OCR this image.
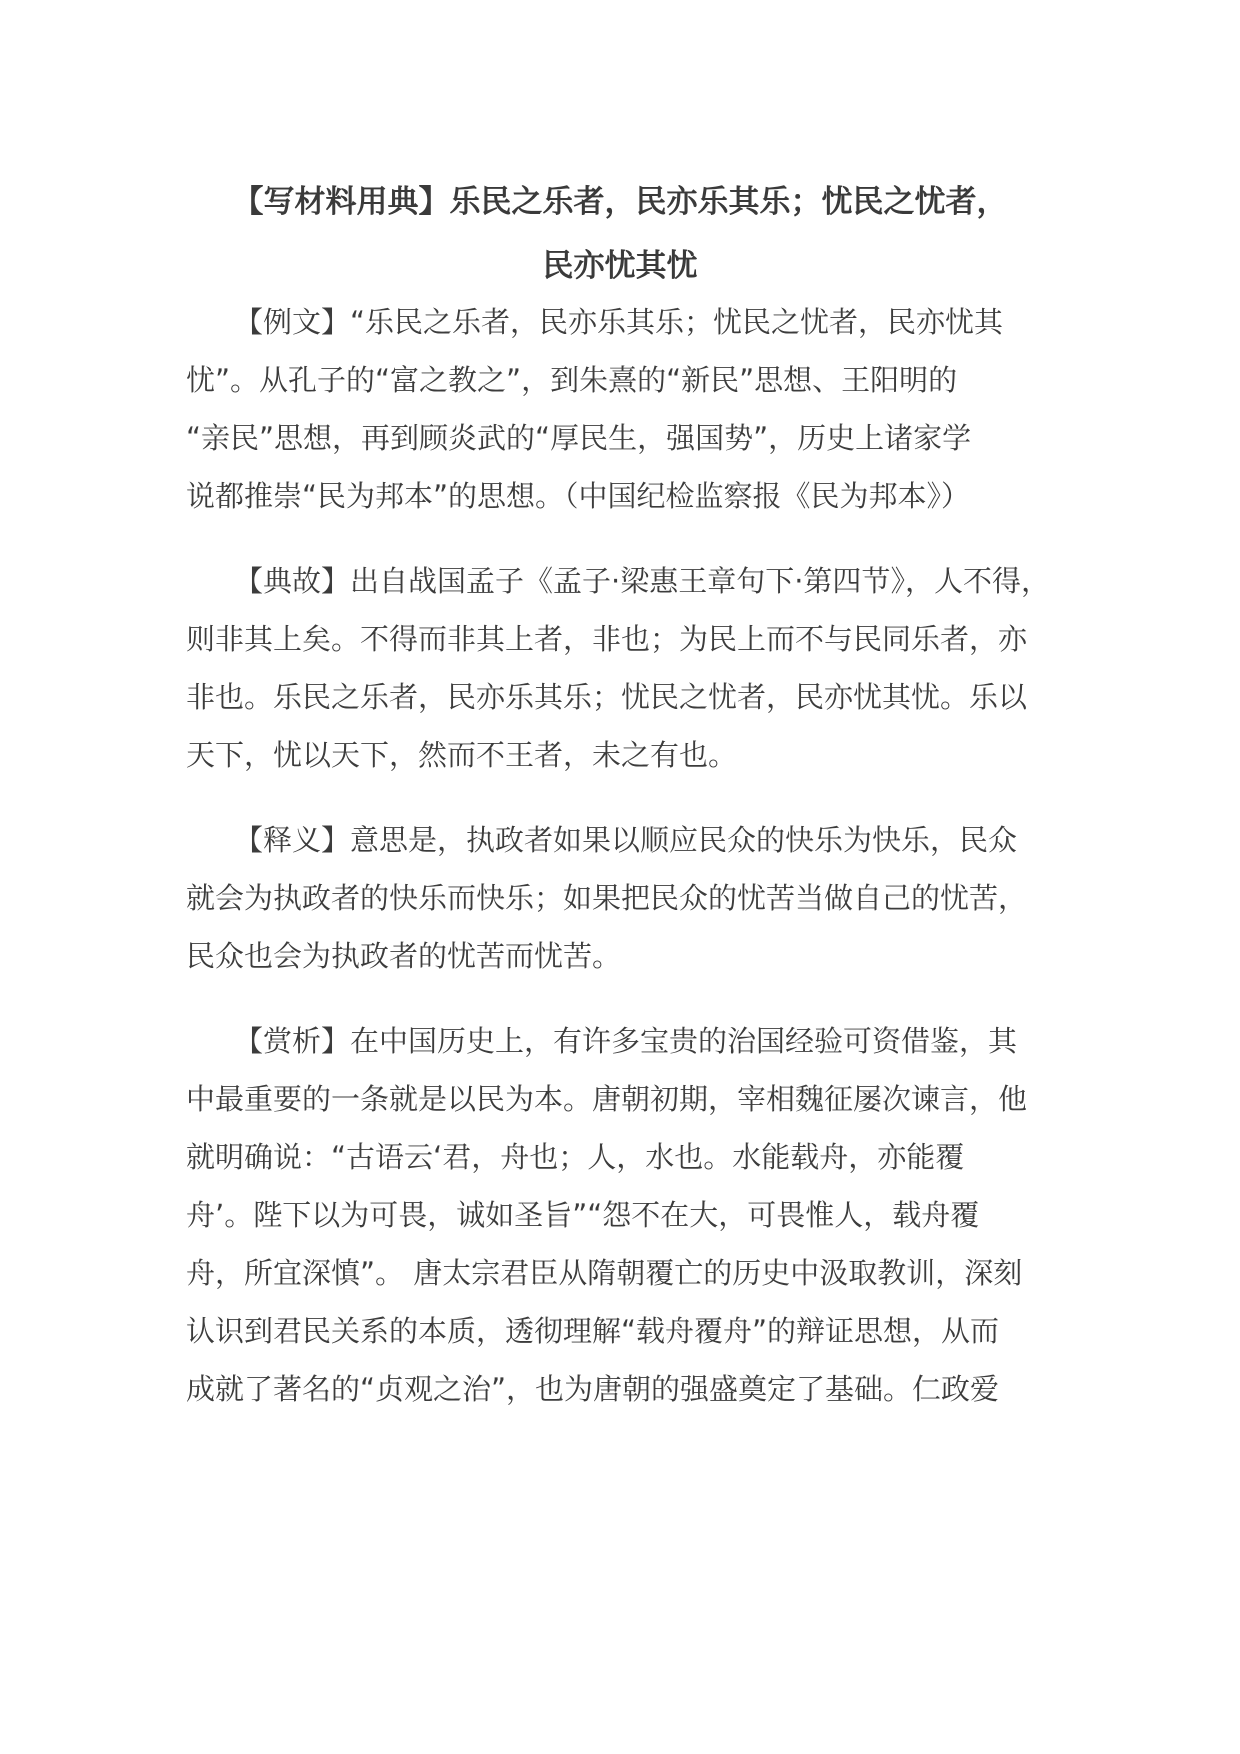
【写材料用典】乐民之乐者，民亦乐其乐；忧民之忧者，
民亦忧其忧

【例文】“乐民之乐者，民亦乐其乐；忧民之忧者，民亦忧其

忧”。从孔子的“富之教之”，到朱熹的“新民”思想、王阳明的

“亲民”思想，再到顾炎武的“厚民生，强国势”，历史上诸家学

说都推崇“民为邦本”的思想。（中国纪检监察报《民为邦本》）

【典故】出自战国孟子《孟子·梁惠王章句下·第四节》，人不得，

则非其上矣。不得而非其上者，非也；为民上而不与民同乐者，亦

非也。乐民之乐者，民亦乐其乐；忧民之忧者，民亦忧其忧。乐以

天下，忧以天下，然而不王者，未之有也。

【释义】意思是，执政者如果以顺应民众的快乐为快乐，民众

就会为执政者的快乐而快乐；如果把民众的忧苦当做自己的忧苦，

民众也会为执政者的忧苦而忧苦。

【赏析】在中国历史上，有许多宝贵的治国经验可资借鉴，其

中最重要的一条就是以民为本。唐朝初期，宰相魏征屡次谏言，他

就明确说：“古语云‘君，舟也；人，水也。水能载舟，亦能覆

舟’。陛下以为可畏，诚如圣旨”“怨不在大，可畏惟人，载舟覆

舟，所宜深慎”。 唐太宗君臣从隋朝覆亡的历史中汲取教训，深刻

认识到君民关系的本质，透彻理解“载舟覆舟”的辩证思想，从而

成就了著名的“贞观之治”，也为唐朝的强盛奠定了基础。仁政爱
